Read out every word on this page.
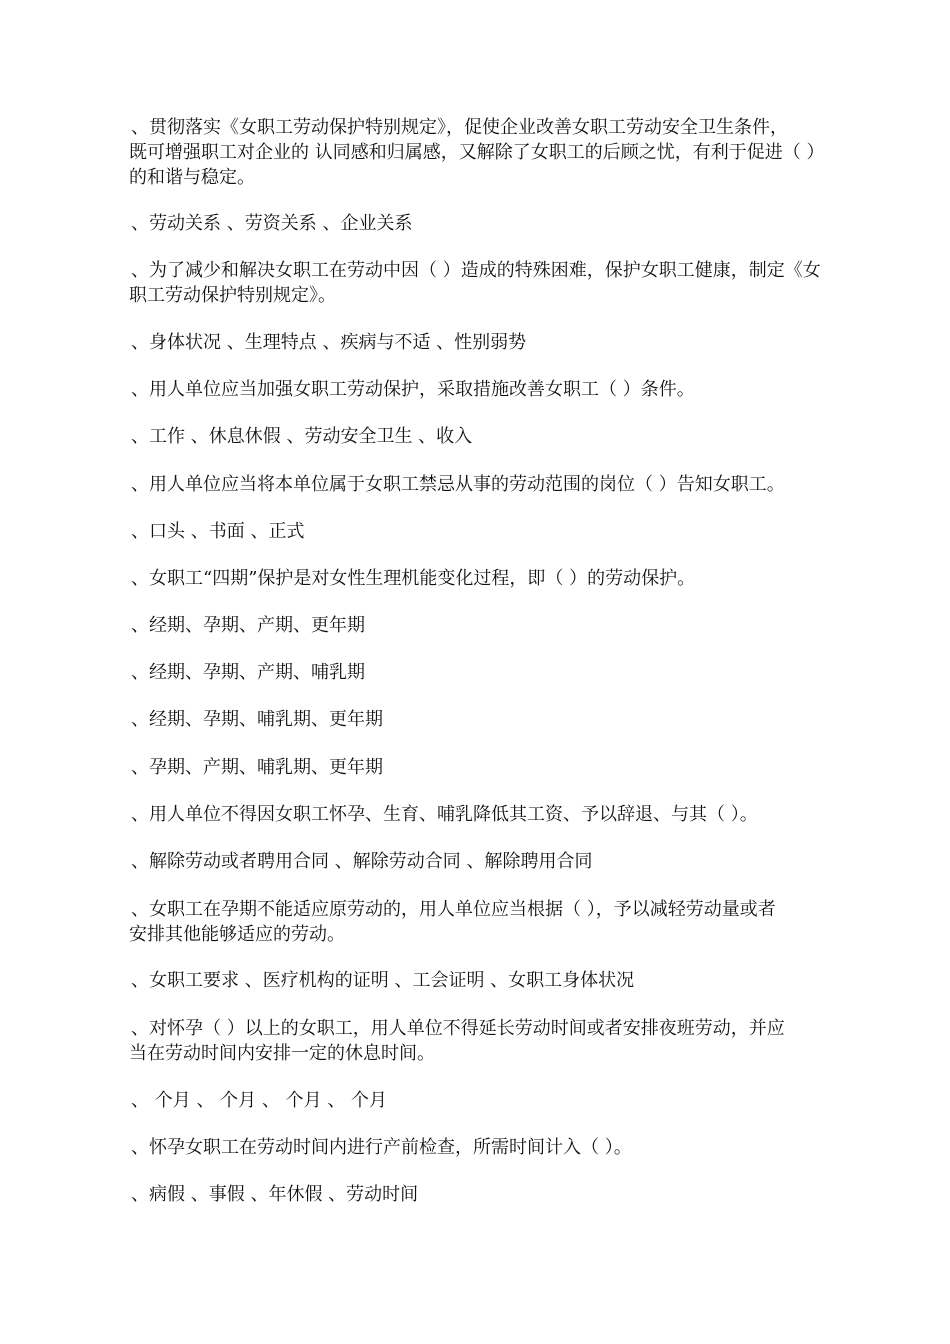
、贯彻落实《女职工劳动保护特别规定》，促使企业改善女职工劳动安全卫生条件，
既可增强职工对企业的 认同感和归属感，又解除了女职工的后顾之忧，有利于促进（ ）
的和谐与稳定。
、劳动关系 、劳资关系 、企业关系
、为了减少和解决女职工在劳动中因（ ）造成的特殊困难，保护女职工健康，制定《女
职工劳动保护特别规定》。
、身体状况 、生理特点 、疾病与不适 、性别弱势
、用人单位应当加强女职工劳动保护，采取措施改善女职工（ ）条件。
、工作 、休息休假 、劳动安全卫生 、收入
、用人单位应当将本单位属于女职工禁忌从事的劳动范围的岗位（ ）告知女职工。
、口头 、书面 、正式
、女职工“四期”保护是对女性生理机能变化过程，即（ ）的劳动保护。
、经期、孕期、产期、更年期
、经期、孕期、产期、哺乳期
、经期、孕期、哺乳期、更年期
、孕期、产期、哺乳期、更年期
、用人单位不得因女职工怀孕、生育、哺乳降低其工资、予以辞退、与其（ ）。
、解除劳动或者聘用合同 、解除劳动合同 、解除聘用合同
、女职工在孕期不能适应原劳动的，用人单位应当根据（ ），予以减轻劳动量或者
安排其他能够适应的劳动。
、女职工要求 、医疗机构的证明 、工会证明 、女职工身体状况
、对怀孕（ ）以上的女职工，用人单位不得延长劳动时间或者安排夜班劳动，并应
当在劳动时间内安排一定的休息时间。
、 个月 、 个月 、 个月 、 个月
、怀孕女职工在劳动时间内进行产前检查，所需时间计入（ ）。
、病假 、事假 、年休假 、劳动时间
